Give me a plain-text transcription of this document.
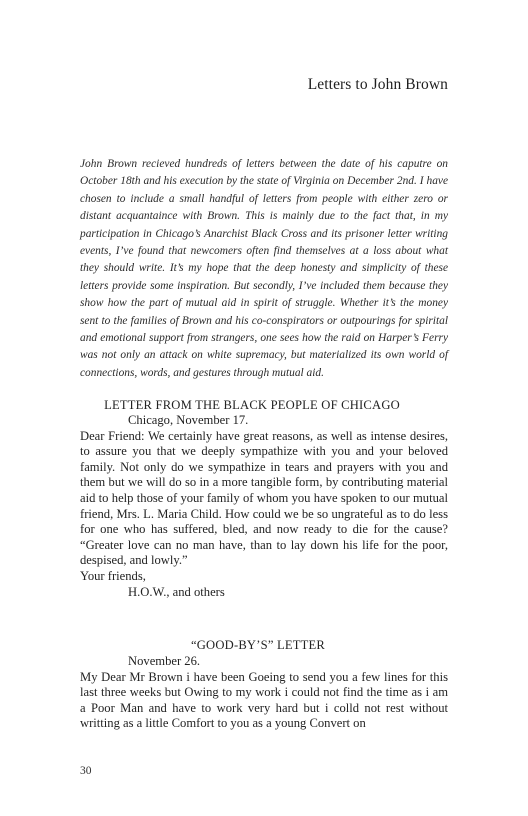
Letters to John Brown

John Brown recieved hundreds of letters between the date of his caputre on October 18th and his execution by the state of Virginia on December 2nd. I have chosen to include a small handful of letters from people with either zero or distant acquantaince with Brown. This is mainly due to the fact that, in my participation in Chicago’s Anarchist Black Cross and its prisoner letter writing events, I’ve found that newcomers often find themselves at a loss about what they should write. It’s my hope that the deep honesty and simplicity of these letters provide some inspiration. But secondly, I’ve included them because they show how the part of mutual aid in spirit of struggle. Whether it’s the money sent to the families of Brown and his co-conspirators or outpourings for spirital and emotional support from strangers, one sees how the raid on Harper’s Ferry was not only an attack on white supremacy, but materialized its own world of connections, words, and gestures through mutual aid.

LETTER FROM THE BLACK PEOPLE OF CHICAGO

Chicago, November 17.

Dear Friend: We certainly have great reasons, as well as intense desires, to assure you that we deeply sympathize with you and your beloved family. Not only do we sympathize in tears and prayers with you and them but we will do so in a more tangible form, by contributing material aid to help those of your family of whom you have spoken to our mutual friend, Mrs. L. Maria Child. How could we be so ungrateful as to do less for one who has suffered, bled, and now ready to die for the cause? “Greater love can no man have, than to lay down his life for the poor, despised, and lowly.”

Your friends,

H.O.W., and others

“GOOD-BY’S” LETTER

November 26.

My Dear Mr Brown i have been Goeing to send you a few lines for this last three weeks but Owing to my work i could not find the time as i am a Poor Man and have to work very hard but i colld not rest without writting as a little Comfort to you as a young Convert on

30
